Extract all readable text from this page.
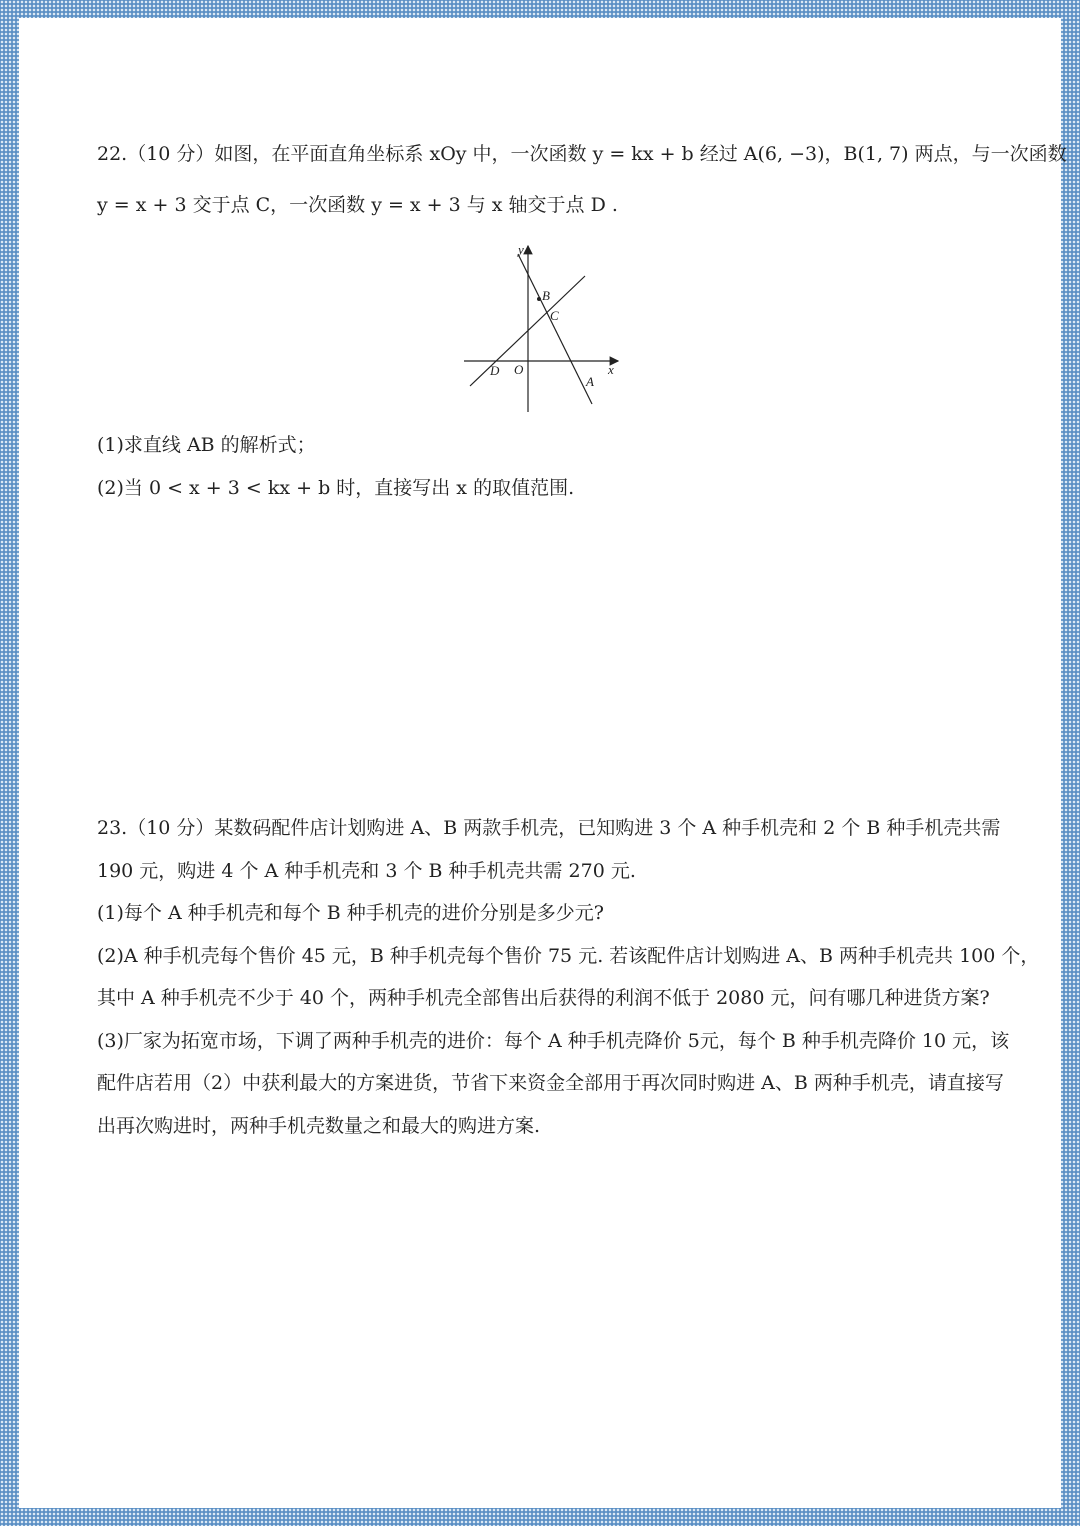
22.（10 分）如图，在平面直角坐标系 xOy 中，一次函数 y = kx + b 经过 A(6, −3)，B(1, 7) 两点，与一次函数
y = x + 3 交于点 C，一次函数 y = x + 3 与 x 轴交于点 D .
y
x
O
B
C
D
A
(1)求直线 AB 的解析式；
(2)当 0 < x + 3 < kx + b 时，直接写出 x 的取值范围.
23.（10 分）某数码配件店计划购进 A、B 两款手机壳，已知购进 3 个 A 种手机壳和 2 个 B 种手机壳共需
190 元，购进 4 个 A 种手机壳和 3 个 B 种手机壳共需 270 元.
(1)每个 A 种手机壳和每个 B 种手机壳的进价分别是多少元?
(2)A 种手机壳每个售价 45 元，B 种手机壳每个售价 75 元. 若该配件店计划购进 A、B 两种手机壳共 100 个，
其中 A 种手机壳不少于 40 个，两种手机壳全部售出后获得的利润不低于 2080 元，问有哪几种进货方案?
(3)厂家为拓宽市场，下调了两种手机壳的进价：每个 A 种手机壳降价 5元，每个 B 种手机壳降价 10 元，该
配件店若用（2）中获利最大的方案进货，节省下来资金全部用于再次同时购进 A、B 两种手机壳，请直接写
出再次购进时，两种手机壳数量之和最大的购进方案.
